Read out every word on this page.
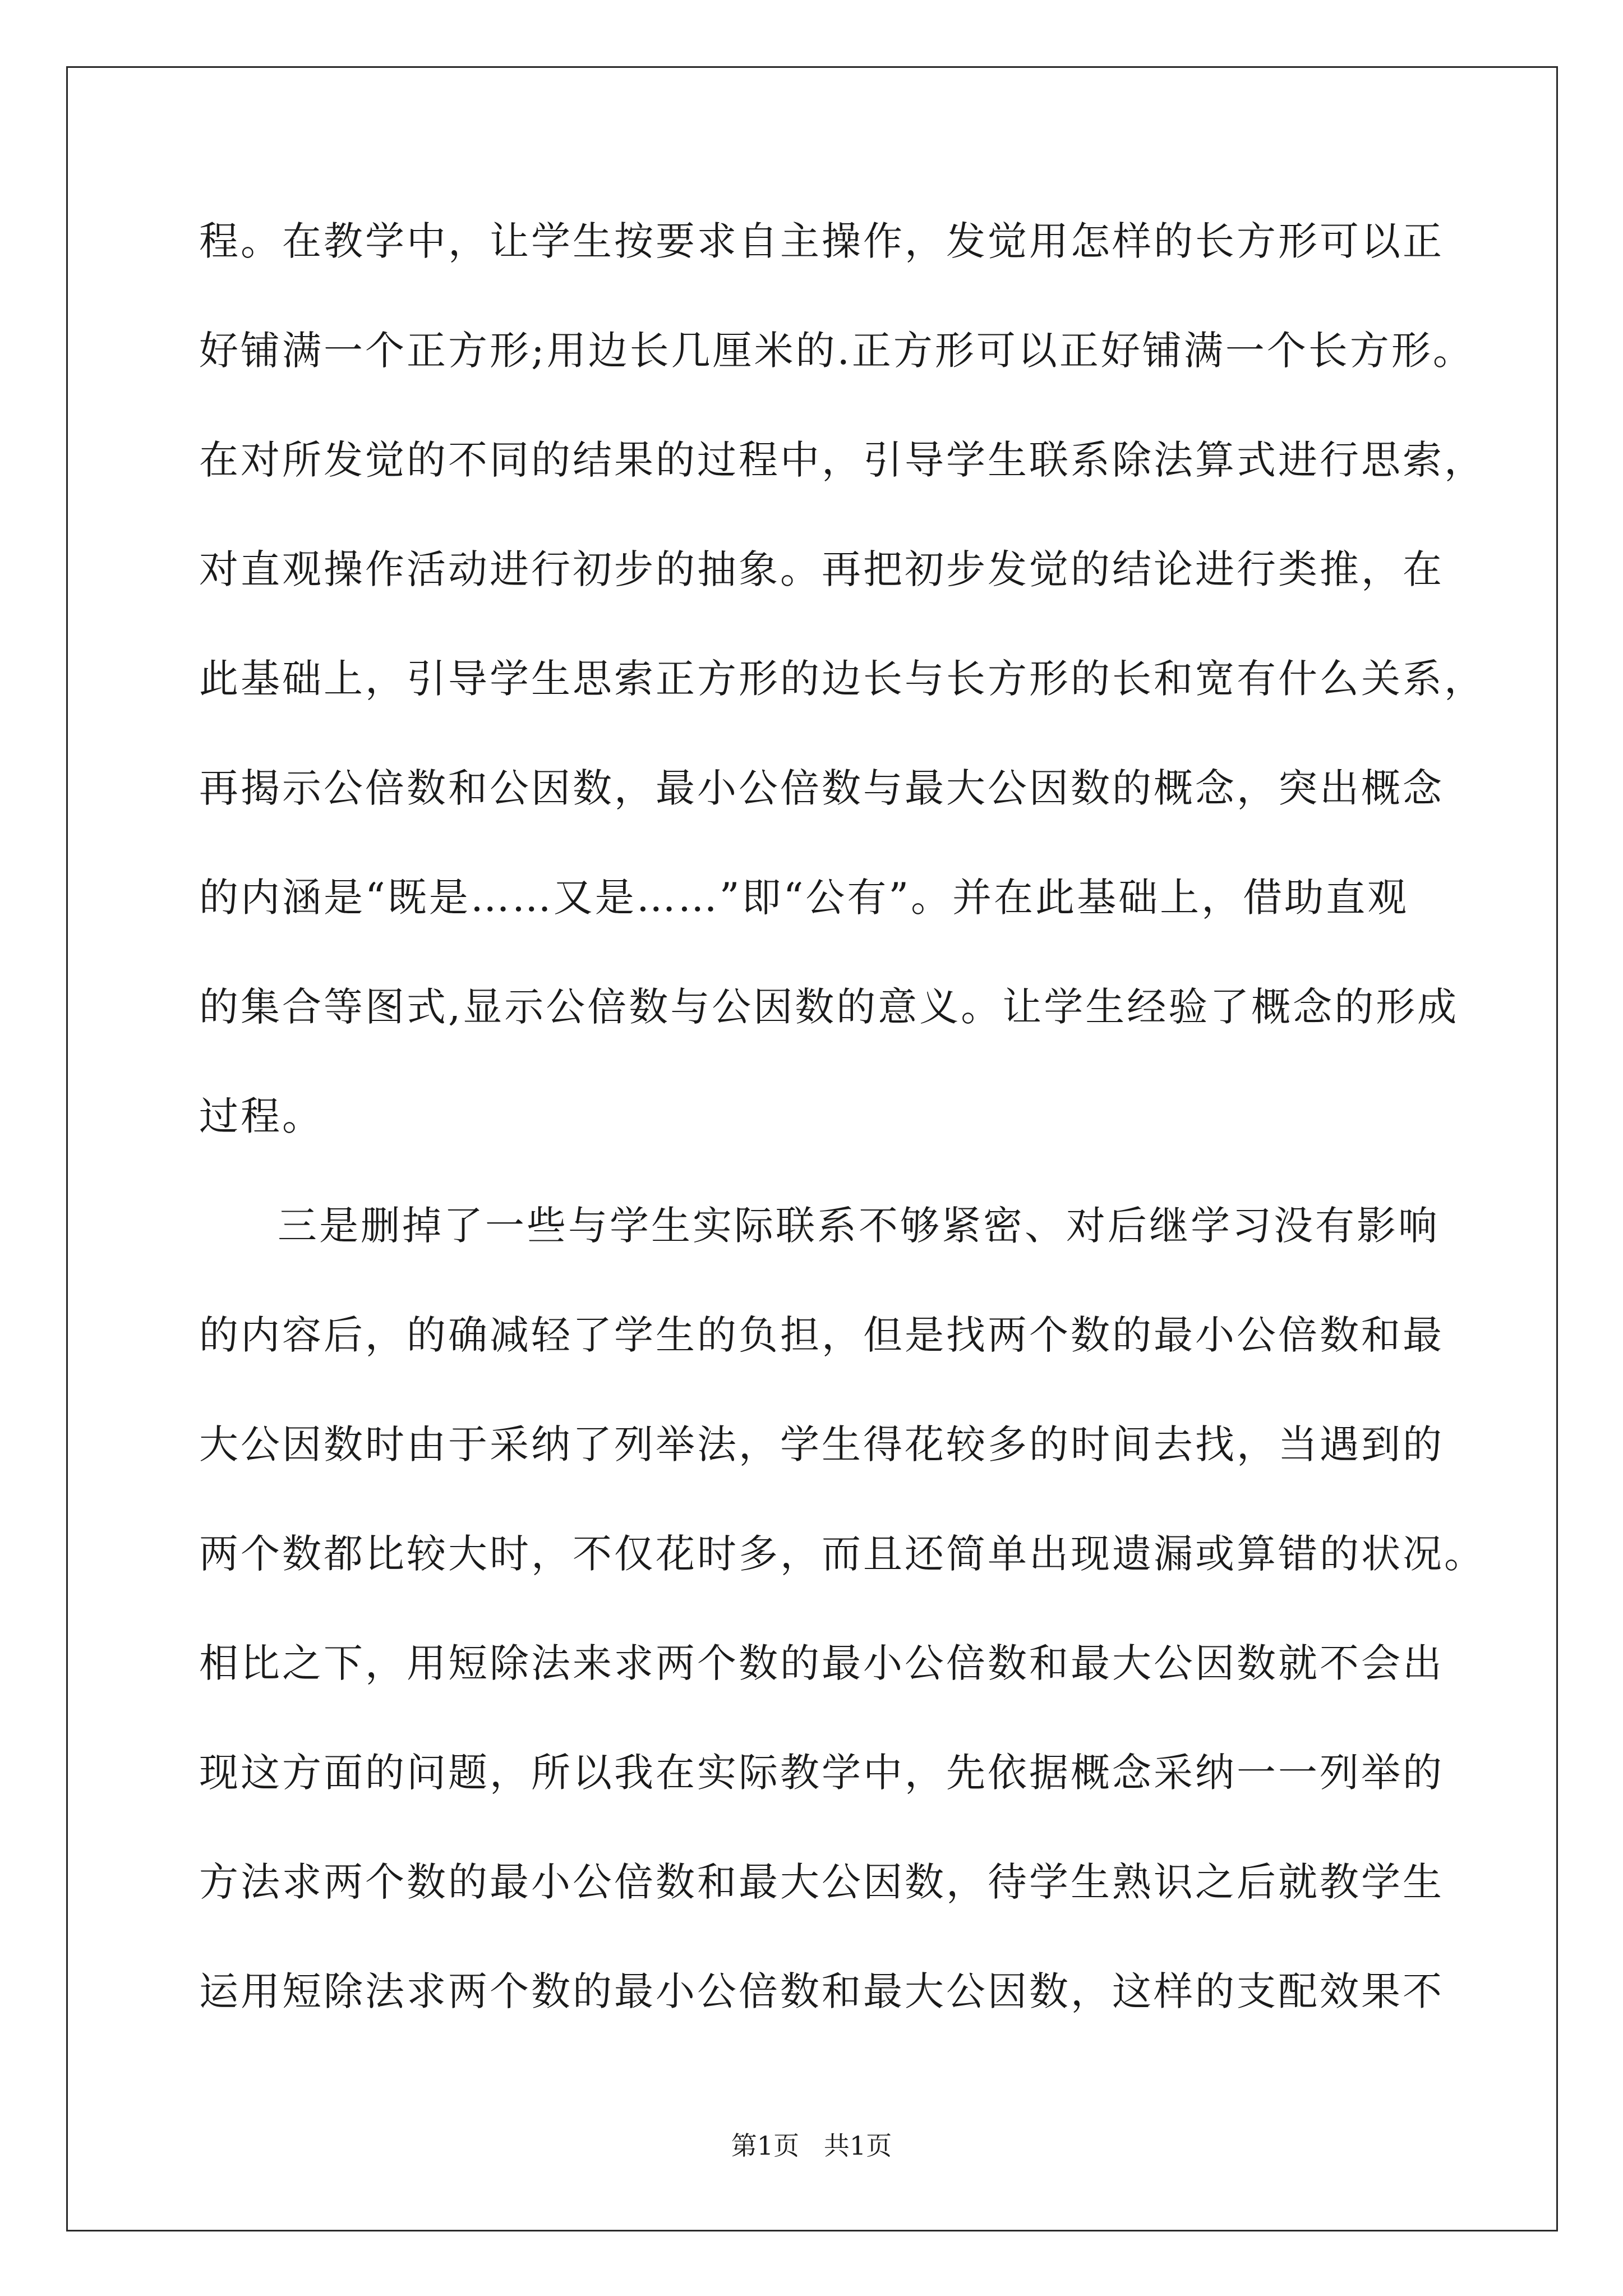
程。在教学中，让学生按要求自主操作，发觉用怎样的长方形可以正
好铺满一个正方形;用边长几厘米的.正方形可以正好铺满一个长方形。
在对所发觉的不同的结果的过程中，引导学生联系除法算式进行思索，
对直观操作活动进行初步的抽象。再把初步发觉的结论进行类推，在
此基础上，引导学生思索正方形的边长与长方形的长和宽有什么关系，
再揭示公倍数和公因数，最小公倍数与最大公因数的概念，突出概念
的内涵是“既是……又是……”即“公有”。并在此基础上，借助直观
的集合等图式,显示公倍数与公因数的意义。让学生经验了概念的形成
过程。
三是删掉了一些与学生实际联系不够紧密、对后继学习没有影响
的内容后，的确减轻了学生的负担，但是找两个数的最小公倍数和最
大公因数时由于采纳了列举法，学生得花较多的时间去找，当遇到的
两个数都比较大时，不仅花时多，而且还简单出现遗漏或算错的状况。
相比之下，用短除法来求两个数的最小公倍数和最大公因数就不会出
现这方面的问题，所以我在实际教学中，先依据概念采纳一一列举的
方法求两个数的最小公倍数和最大公因数，待学生熟识之后就教学生
运用短除法求两个数的最小公倍数和最大公因数，这样的支配效果不
第1页   共1页
